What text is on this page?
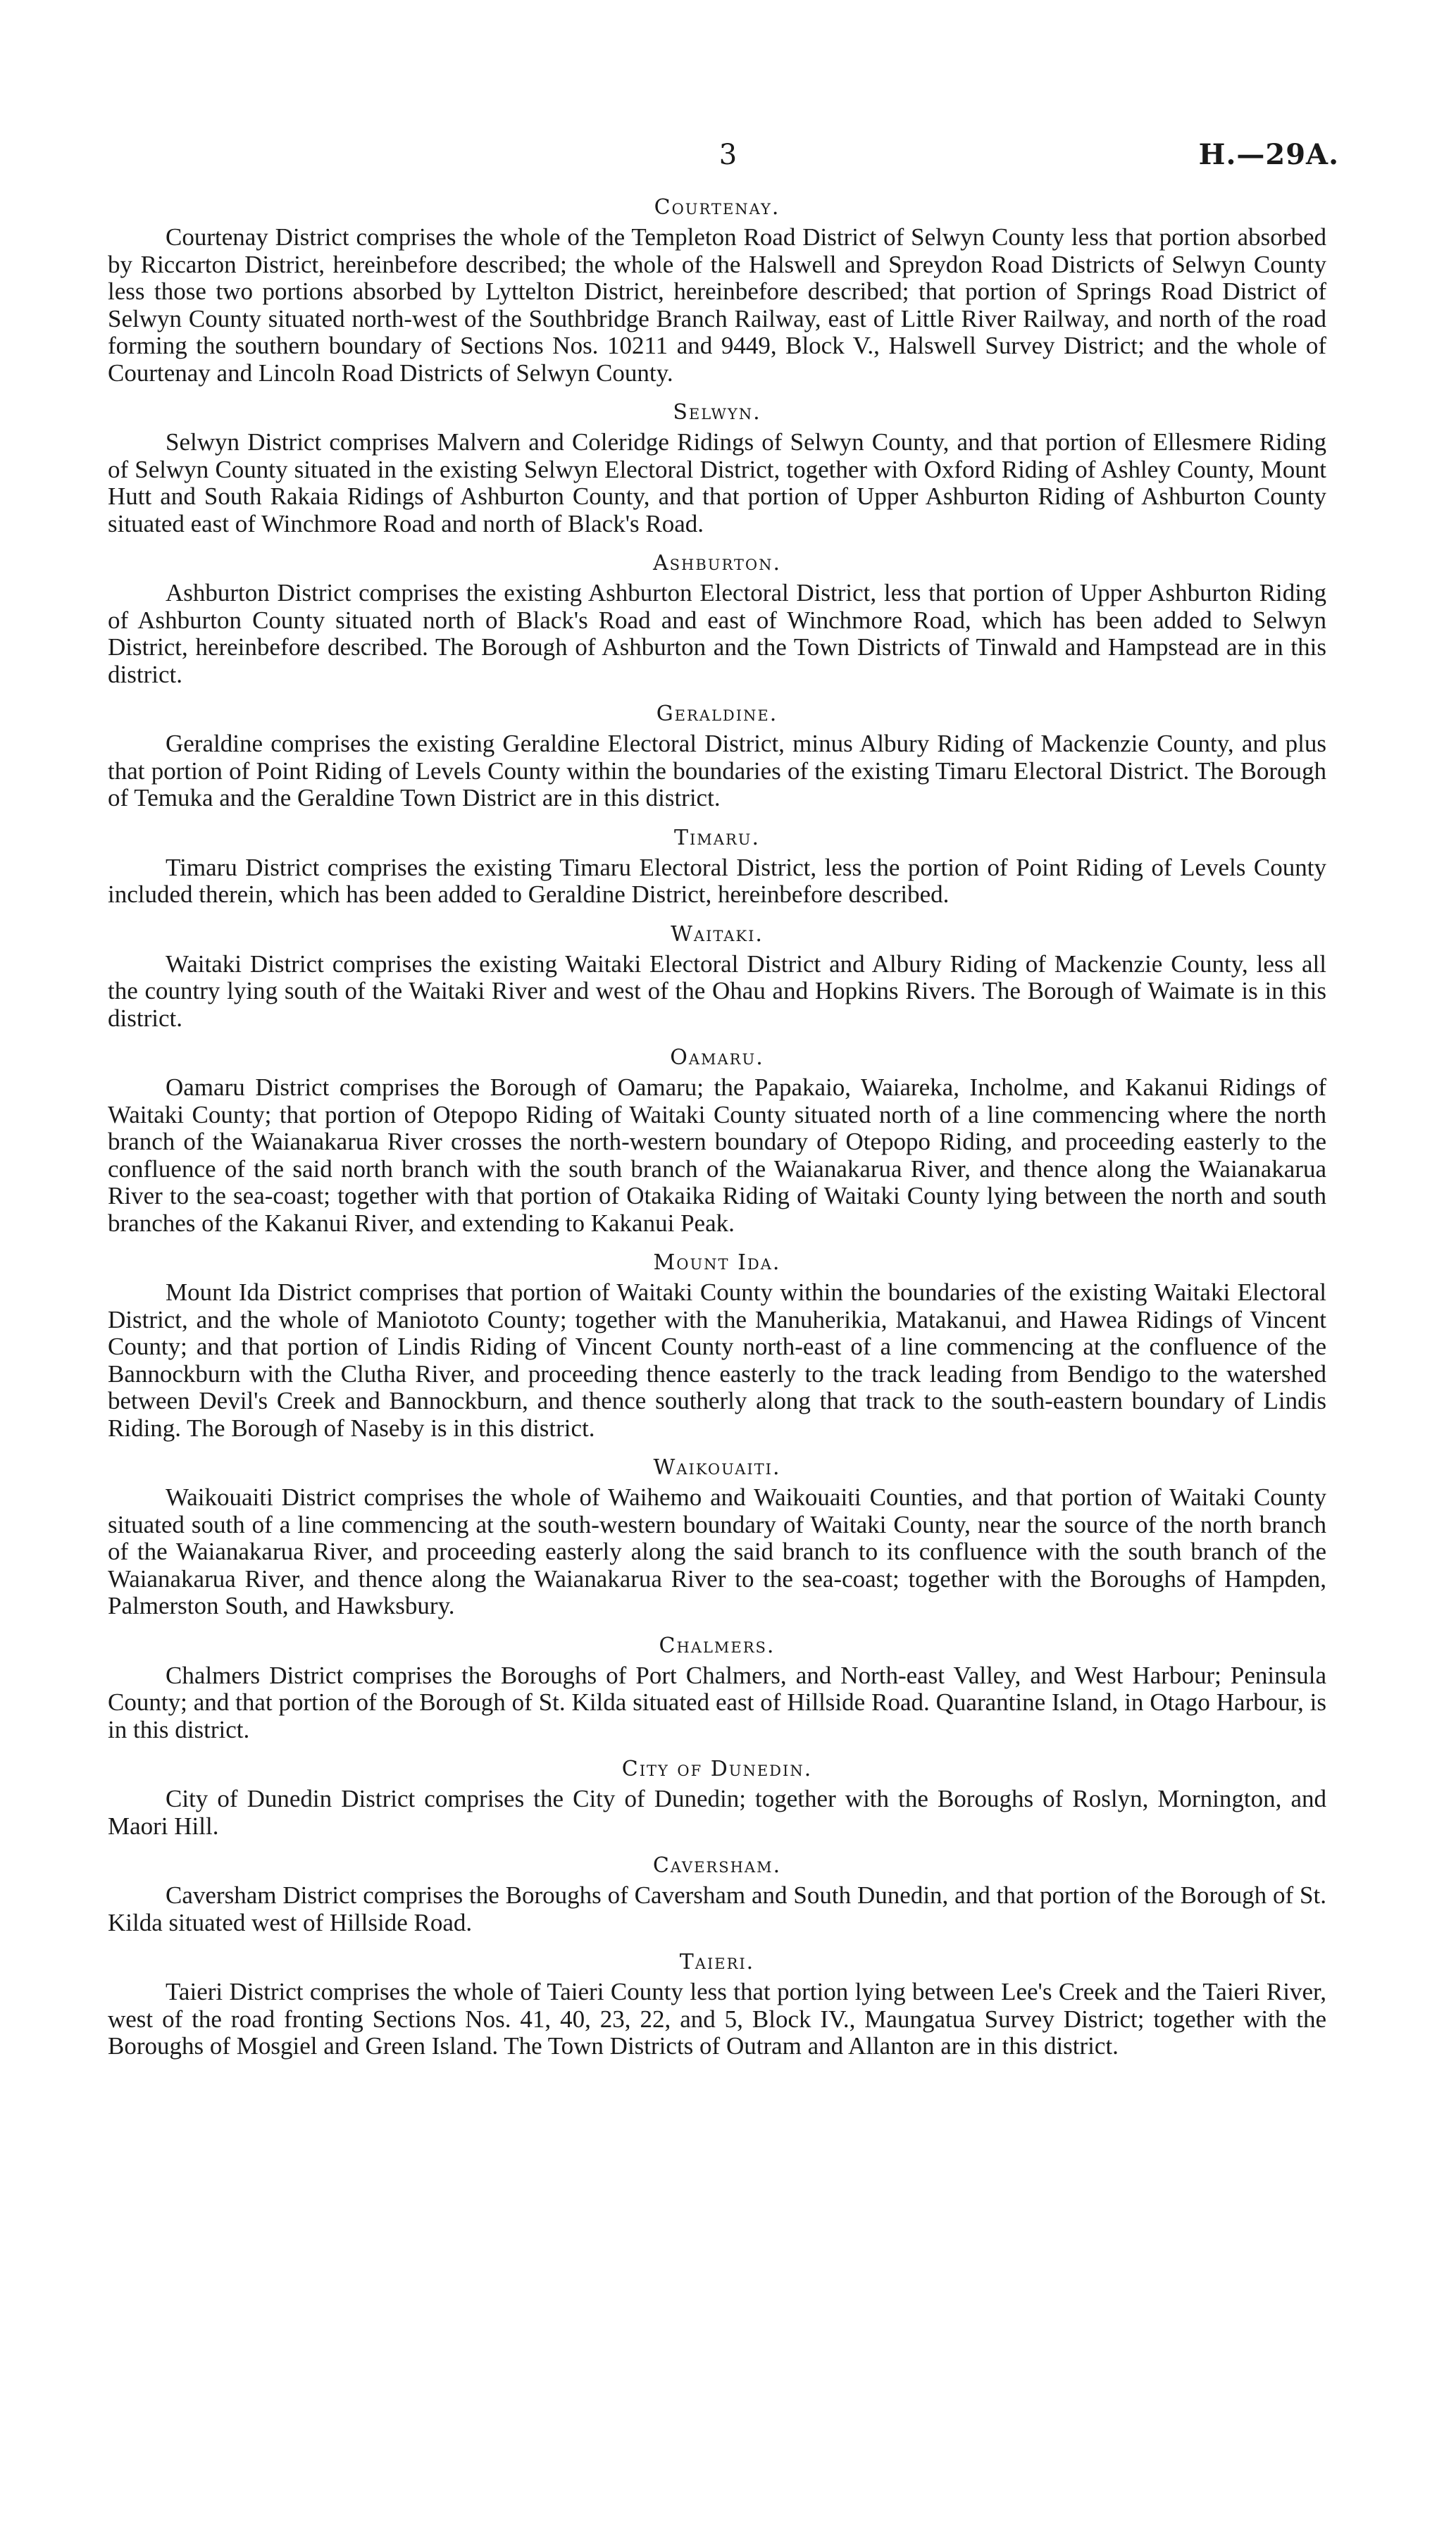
3	H.—29A.
Courtenay.

Courtenay District comprises the whole of the Templeton Road District of Selwyn County less that portion absorbed by Riccarton District, hereinbefore described; the whole of the Halswell and Spreydon Road Districts of Selwyn County less those two portions absorbed by Lyttelton District, hereinbefore described; that portion of Springs Road District of Selwyn County situated north-west of the Southbridge Branch Railway, east of Little River Railway, and north of the road forming the southern boundary of Sections Nos. 10211 and 9449, Block V., Halswell Survey District; and the whole of Courtenay and Lincoln Road Districts of Selwyn County.

Selwyn.

Selwyn District comprises Malvern and Coleridge Ridings of Selwyn County, and that portion of Ellesmere Riding of Selwyn County situated in the existing Selwyn Electoral District, together with Oxford Riding of Ashley County, Mount Hutt and South Rakaia Ridings of Ashburton County, and that portion of Upper Ashburton Riding of Ashburton County situated east of Winchmore Road and north of Black's Road.

Ashburton.

Ashburton District comprises the existing Ashburton Electoral District, less that portion of Upper Ashburton Riding of Ashburton County situated north of Black's Road and east of Winchmore Road, which has been added to Selwyn District, hereinbefore described. The Borough of Ashburton and the Town Districts of Tinwald and Hampstead are in this district.

Geraldine.

Geraldine comprises the existing Geraldine Electoral District, minus Albury Riding of Mackenzie County, and plus that portion of Point Riding of Levels County within the boundaries of the existing Timaru Electoral District. The Borough of Temuka and the Geraldine Town District are in this district.

Timaru.

Timaru District comprises the existing Timaru Electoral District, less the portion of Point Riding of Levels County included therein, which has been added to Geraldine District, hereinbefore described.

Waitaki.

Waitaki District comprises the existing Waitaki Electoral District and Albury Riding of Mackenzie County, less all the country lying south of the Waitaki River and west of the Ohau and Hopkins Rivers. The Borough of Waimate is in this district.

Oamaru.

Oamaru District comprises the Borough of Oamaru; the Papakaio, Waiareka, Incholme, and Kakanui Ridings of Waitaki County; that portion of Otepopo Riding of Waitaki County situated north of a line commencing where the north branch of the Waianakarua River crosses the north-western boundary of Otepopo Riding, and proceeding easterly to the confluence of the said north branch with the south branch of the Waianakarua River, and thence along the Waianakarua River to the sea-coast; together with that portion of Otakaika Riding of Waitaki County lying between the north and south branches of the Kakanui River, and extending to Kakanui Peak.

Mount Ida.

Mount Ida District comprises that portion of Waitaki County within the boundaries of the existing Waitaki Electoral District, and the whole of Maniototo County; together with the Manuherikia, Matakanui, and Hawea Ridings of Vincent County; and that portion of Lindis Riding of Vincent County north-east of a line commencing at the confluence of the Bannockburn with the Clutha River, and proceeding thence easterly to the track leading from Bendigo to the watershed between Devil's Creek and Bannockburn, and thence southerly along that track to the south-eastern boundary of Lindis Riding. The Borough of Naseby is in this district.

Waikouaiti.

Waikouaiti District comprises the whole of Waihemo and Waikouaiti Counties, and that portion of Waitaki County situated south of a line commencing at the south-western boundary of Waitaki County, near the source of the north branch of the Waianakarua River, and proceeding easterly along the said branch to its confluence with the south branch of the Waianakarua River, and thence along the Waianakarua River to the sea-coast; together with the Boroughs of Hampden, Palmerston South, and Hawksbury.

Chalmers.

Chalmers District comprises the Boroughs of Port Chalmers, and North-east Valley, and West Harbour; Peninsula County; and that portion of the Borough of St. Kilda situated east of Hillside Road. Quarantine Island, in Otago Harbour, is in this district.

City of Dunedin.

City of Dunedin District comprises the City of Dunedin; together with the Boroughs of Roslyn, Mornington, and Maori Hill.

Caversham.

Caversham District comprises the Boroughs of Caversham and South Dunedin, and that portion of the Borough of St. Kilda situated west of Hillside Road.

Taieri.

Taieri District comprises the whole of Taieri County less that portion lying between Lee's Creek and the Taieri River, west of the road fronting Sections Nos. 41, 40, 23, 22, and 5, Block IV., Maungatua Survey District; together with the Boroughs of Mosgiel and Green Island. The Town Districts of Outram and Allanton are in this district.
